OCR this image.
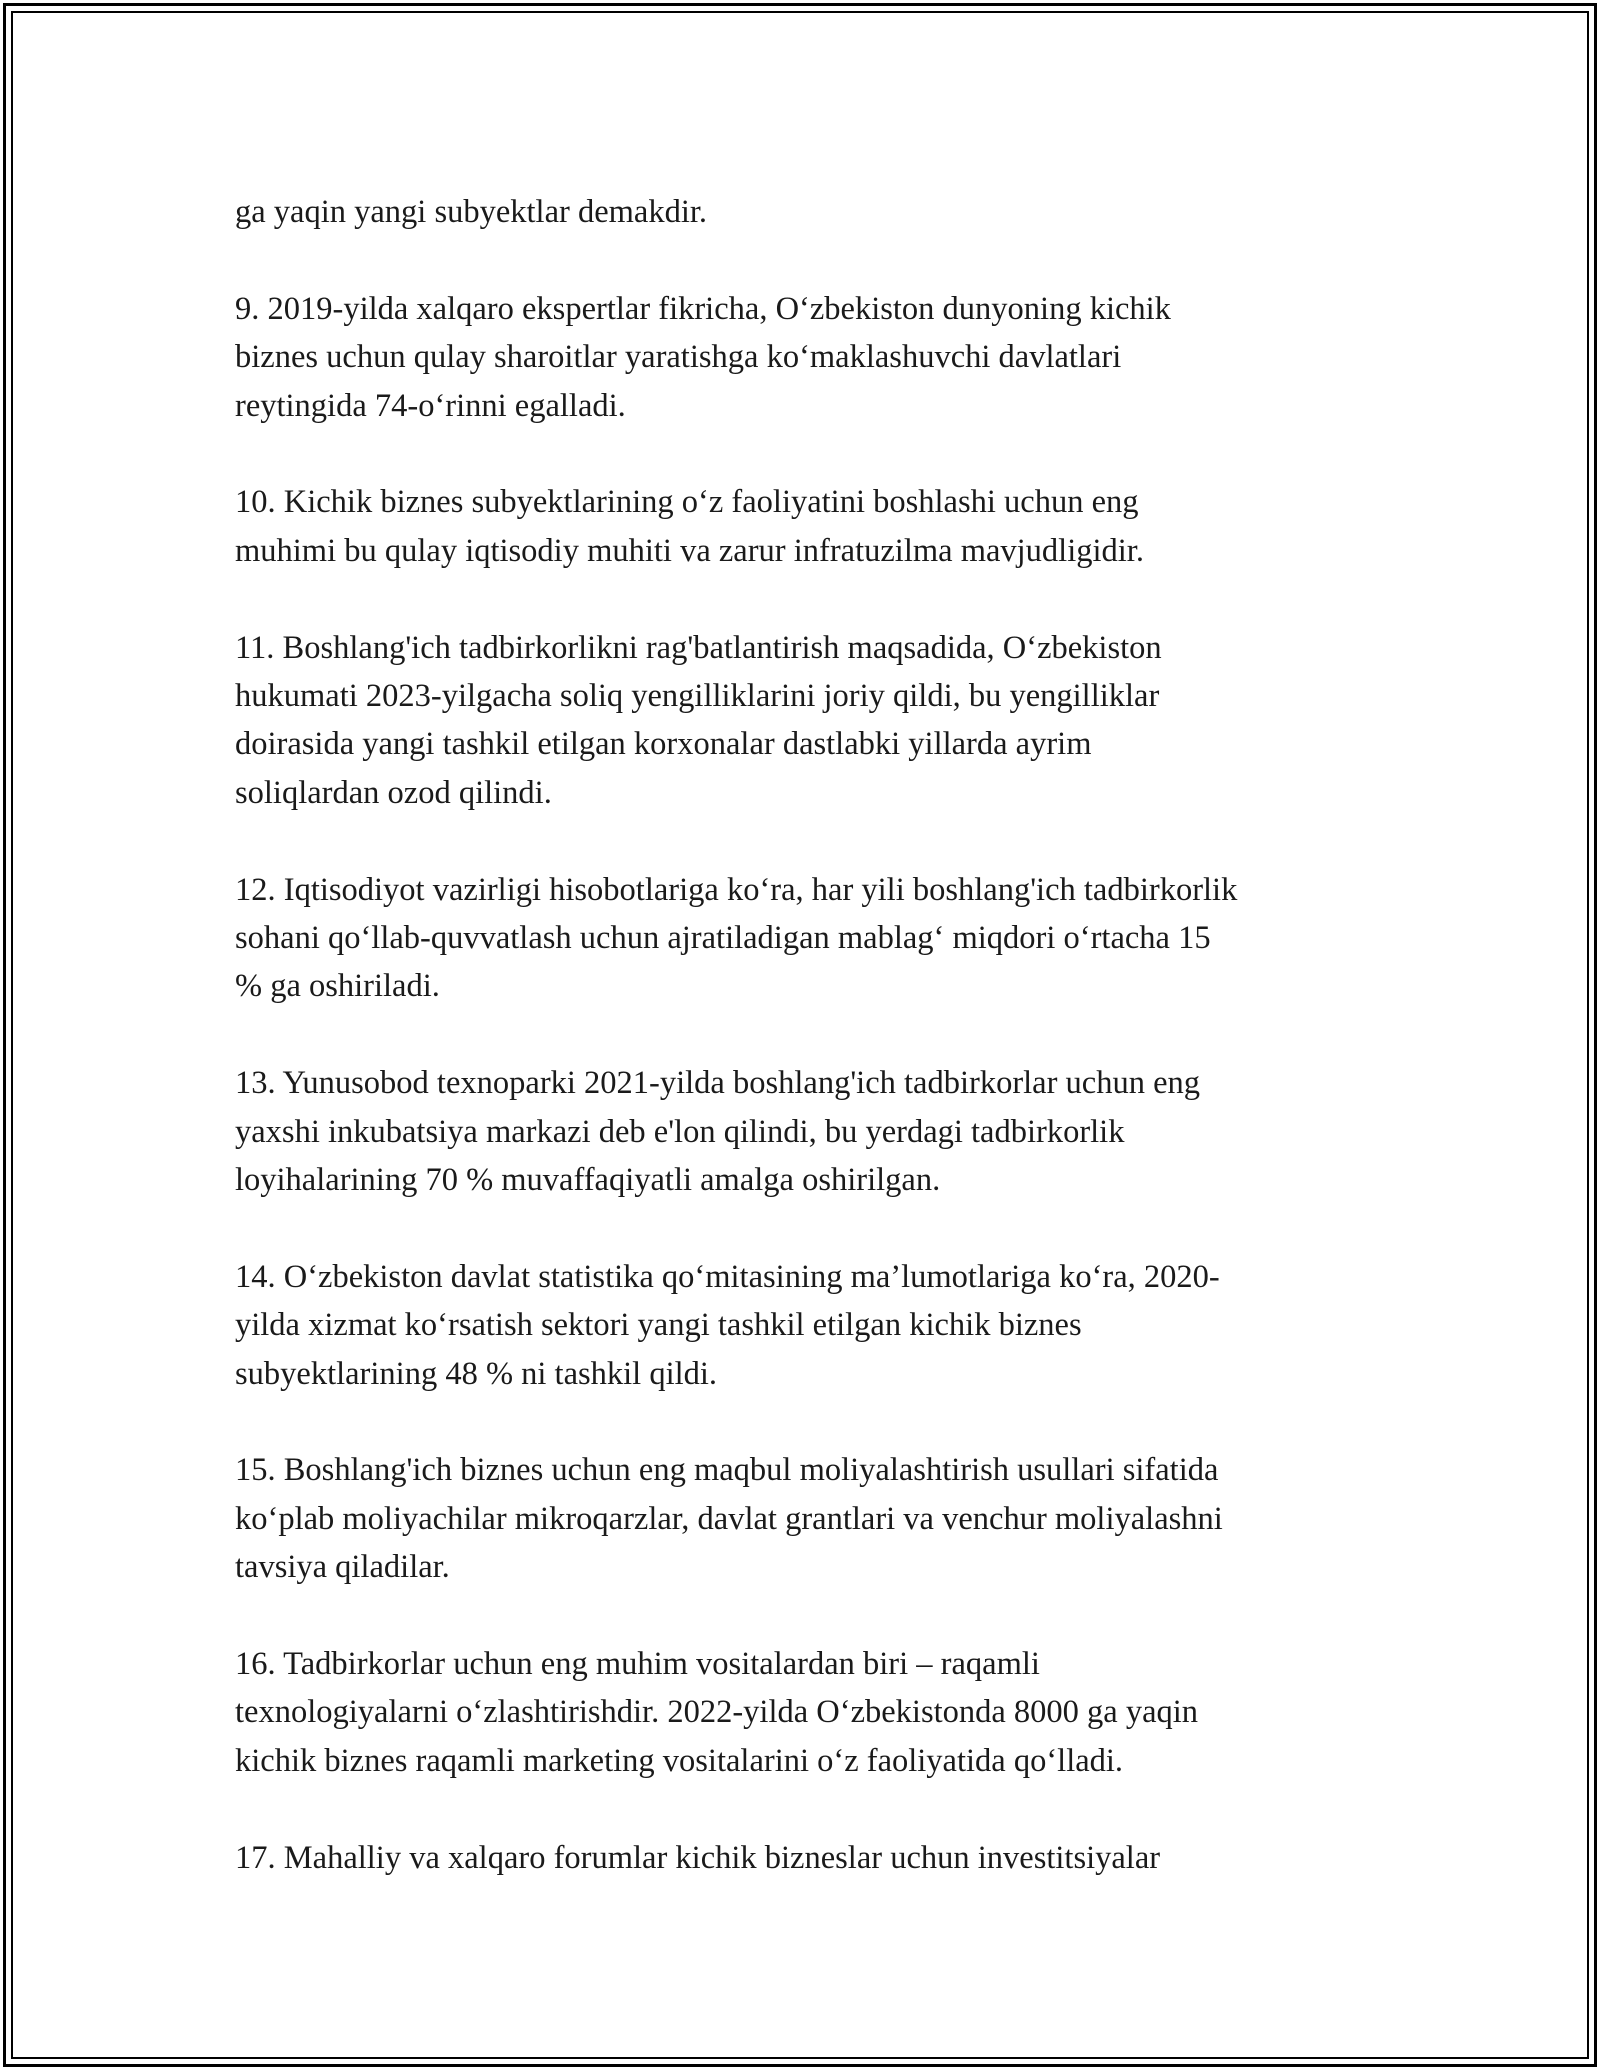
ga yaqin yangi subyektlar demakdir.

9. 2019-yilda xalqaro ekspertlar fikricha, O‘zbekiston dunyoning kichik
biznes uchun qulay sharoitlar yaratishga ko‘maklashuvchi davlatlari
reytingida 74-o‘rinni egalladi.

10. Kichik biznes subyektlarining o‘z faoliyatini boshlashi uchun eng
muhimi bu qulay iqtisodiy muhiti va zarur infratuzilma mavjudligidir.

11. Boshlang'ich tadbirkorlikni rag'batlantirish maqsadida, O‘zbekiston
hukumati 2023-yilgacha soliq yengilliklarini joriy qildi, bu yengilliklar
doirasida yangi tashkil etilgan korxonalar dastlabki yillarda ayrim
soliqlardan ozod qilindi.

12. Iqtisodiyot vazirligi hisobotlariga ko‘ra, har yili boshlang'ich tadbirkorlik
sohani qo‘llab-quvvatlash uchun ajratiladigan mablag‘ miqdori o‘rtacha 15
% ga oshiriladi.

13. Yunusobod texnoparki 2021-yilda boshlang'ich tadbirkorlar uchun eng
yaxshi inkubatsiya markazi deb e'lon qilindi, bu yerdagi tadbirkorlik
loyihalarining 70 % muvaffaqiyatli amalga oshirilgan.

14. O‘zbekiston davlat statistika qo‘mitasining ma’lumotlariga ko‘ra, 2020-
yilda xizmat ko‘rsatish sektori yangi tashkil etilgan kichik biznes
subyektlarining 48 % ni tashkil qildi.

15. Boshlang'ich biznes uchun eng maqbul moliyalashtirish usullari sifatida
ko‘plab moliyachilar mikroqarzlar, davlat grantlari va venchur moliyalashni
tavsiya qiladilar.

16. Tadbirkorlar uchun eng muhim vositalardan biri – raqamli
texnologiyalarni o‘zlashtirishdir. 2022-yilda O‘zbekistonda 8000 ga yaqin
kichik biznes raqamli marketing vositalarini o‘z faoliyatida qo‘lladi.

17. Mahalliy va xalqaro forumlar kichik bizneslar uchun investitsiyalar
